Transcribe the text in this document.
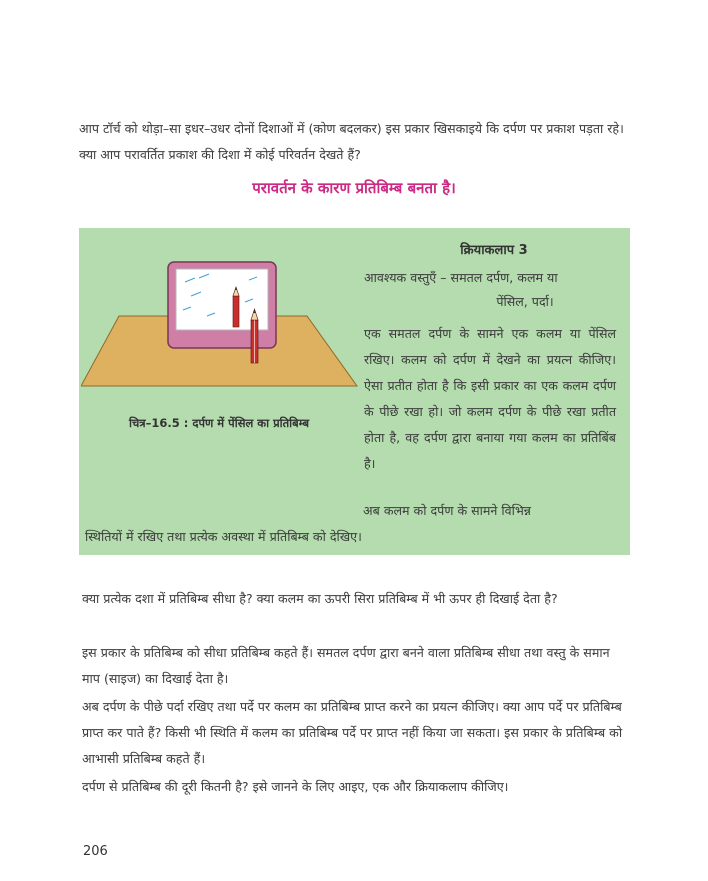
आप टॉर्च को थोड़ा–सा इधर–उधर दोनों दिशाओं में (कोण बदलकर) इस प्रकार खिसकाइये कि दर्पण पर प्रकाश पड़ता रहे। क्या आप परावर्तित प्रकाश की दिशा में कोई परिवर्तन देखते हैं?
परावर्तन के कारण प्रतिबिम्ब बनता है।
चित्र–16.5 : दर्पण में पेंसिल का प्रतिबिम्ब
क्रियाकलाप 3
आवश्यक वस्तुएँ – समतल दर्पण, कलम या
पेंसिल, पर्दा।
एक समतल दर्पण के सामने एक कलम या पेंसिल रखिए। कलम को दर्पण में देखने का प्रयत्न कीजिए। ऐसा प्रतीत होता है कि इसी प्रकार का एक कलम दर्पण के पीछे रखा हो। जो कलम दर्पण के पीछे रखा प्रतीत होता है, वह दर्पण द्वारा बनाया गया कलम का प्रतिबिंब है।
अब कलम को दर्पण के सामने विभिन्न
स्थितियों में रखिए तथा प्रत्येक अवस्था में प्रतिबिम्ब को देखिए।
क्या प्रत्येक दशा में प्रतिबिम्ब सीधा है? क्या कलम का ऊपरी सिरा प्रतिबिम्ब में भी ऊपर ही दिखाई देता है?
इस प्रकार के प्रतिबिम्ब को सीधा प्रतिबिम्ब कहते हैं। समतल दर्पण द्वारा बनने वाला प्रतिबिम्ब सीधा तथा वस्तु के समान माप (साइज) का दिखाई देता है।
अब दर्पण के पीछे पर्दा रखिए तथा पर्दे पर कलम का प्रतिबिम्ब प्राप्त करने का प्रयत्न कीजिए। क्या आप पर्दे पर प्रतिबिम्ब प्राप्त कर पाते हैं? किसी भी स्थिति में कलम का प्रतिबिम्ब पर्दे पर प्राप्त नहीं किया जा सकता। इस प्रकार के प्रतिबिम्ब को आभासी प्रतिबिम्ब कहते हैं।
दर्पण से प्रतिबिम्ब की दूरी कितनी है? इसे जानने के लिए आइए, एक और क्रियाकलाप कीजिए।
206
